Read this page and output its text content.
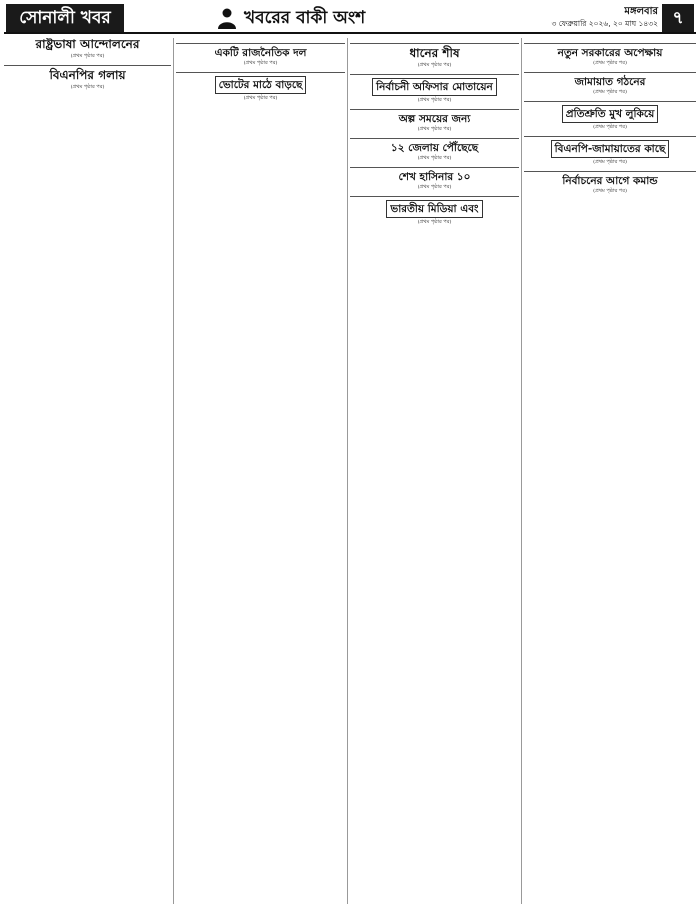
সোনালী খবর	খবরের বাকী অংশ	মঙ্গলবার
৩ ফেব্রুয়ারি ২০২৬, ২০ মাঘ ১৪৩২ ৭
রাষ্ট্রভাষা আন্দোলনের
(প্রথম পৃষ্ঠার পর)
বিএনপির গলায়
(প্রথম পৃষ্ঠার পর)
একটি রাজনৈতিক দল
(প্রথম পৃষ্ঠার পর)
ভোটের মাঠে বাড়ছে
(প্রথম পৃষ্ঠার পর)
ধানের শীষ
(প্রথম পৃষ্ঠার পর)
নির্বাচনী অফিসার মোতায়েন
(প্রথম পৃষ্ঠার পর)
অল্প সময়ের জন্য
(প্রথম পৃষ্ঠার পর)
১২ জেলায় পৌঁছেছে
(প্রথম পৃষ্ঠার পর)
শেখ হাসিনার ১০
(প্রথম পৃষ্ঠার পর)
ভারতীয় মিডিয়া এবং
(প্রথম পৃষ্ঠার পর)
নতুন সরকারের অপেক্ষায়
(প্রথম পৃষ্ঠার পর)
জামায়াত গঠনের
(প্রথম পৃষ্ঠার পর)
প্রতিশ্রুতি মুখ লুকিয়ে
(প্রথম পৃষ্ঠার পর)
বিএনপি-জামায়াতের কাছে
(প্রথম পৃষ্ঠার পর)
নির্বাচনের আগে কমান্ড
(প্রথম পৃষ্ঠার পর)
